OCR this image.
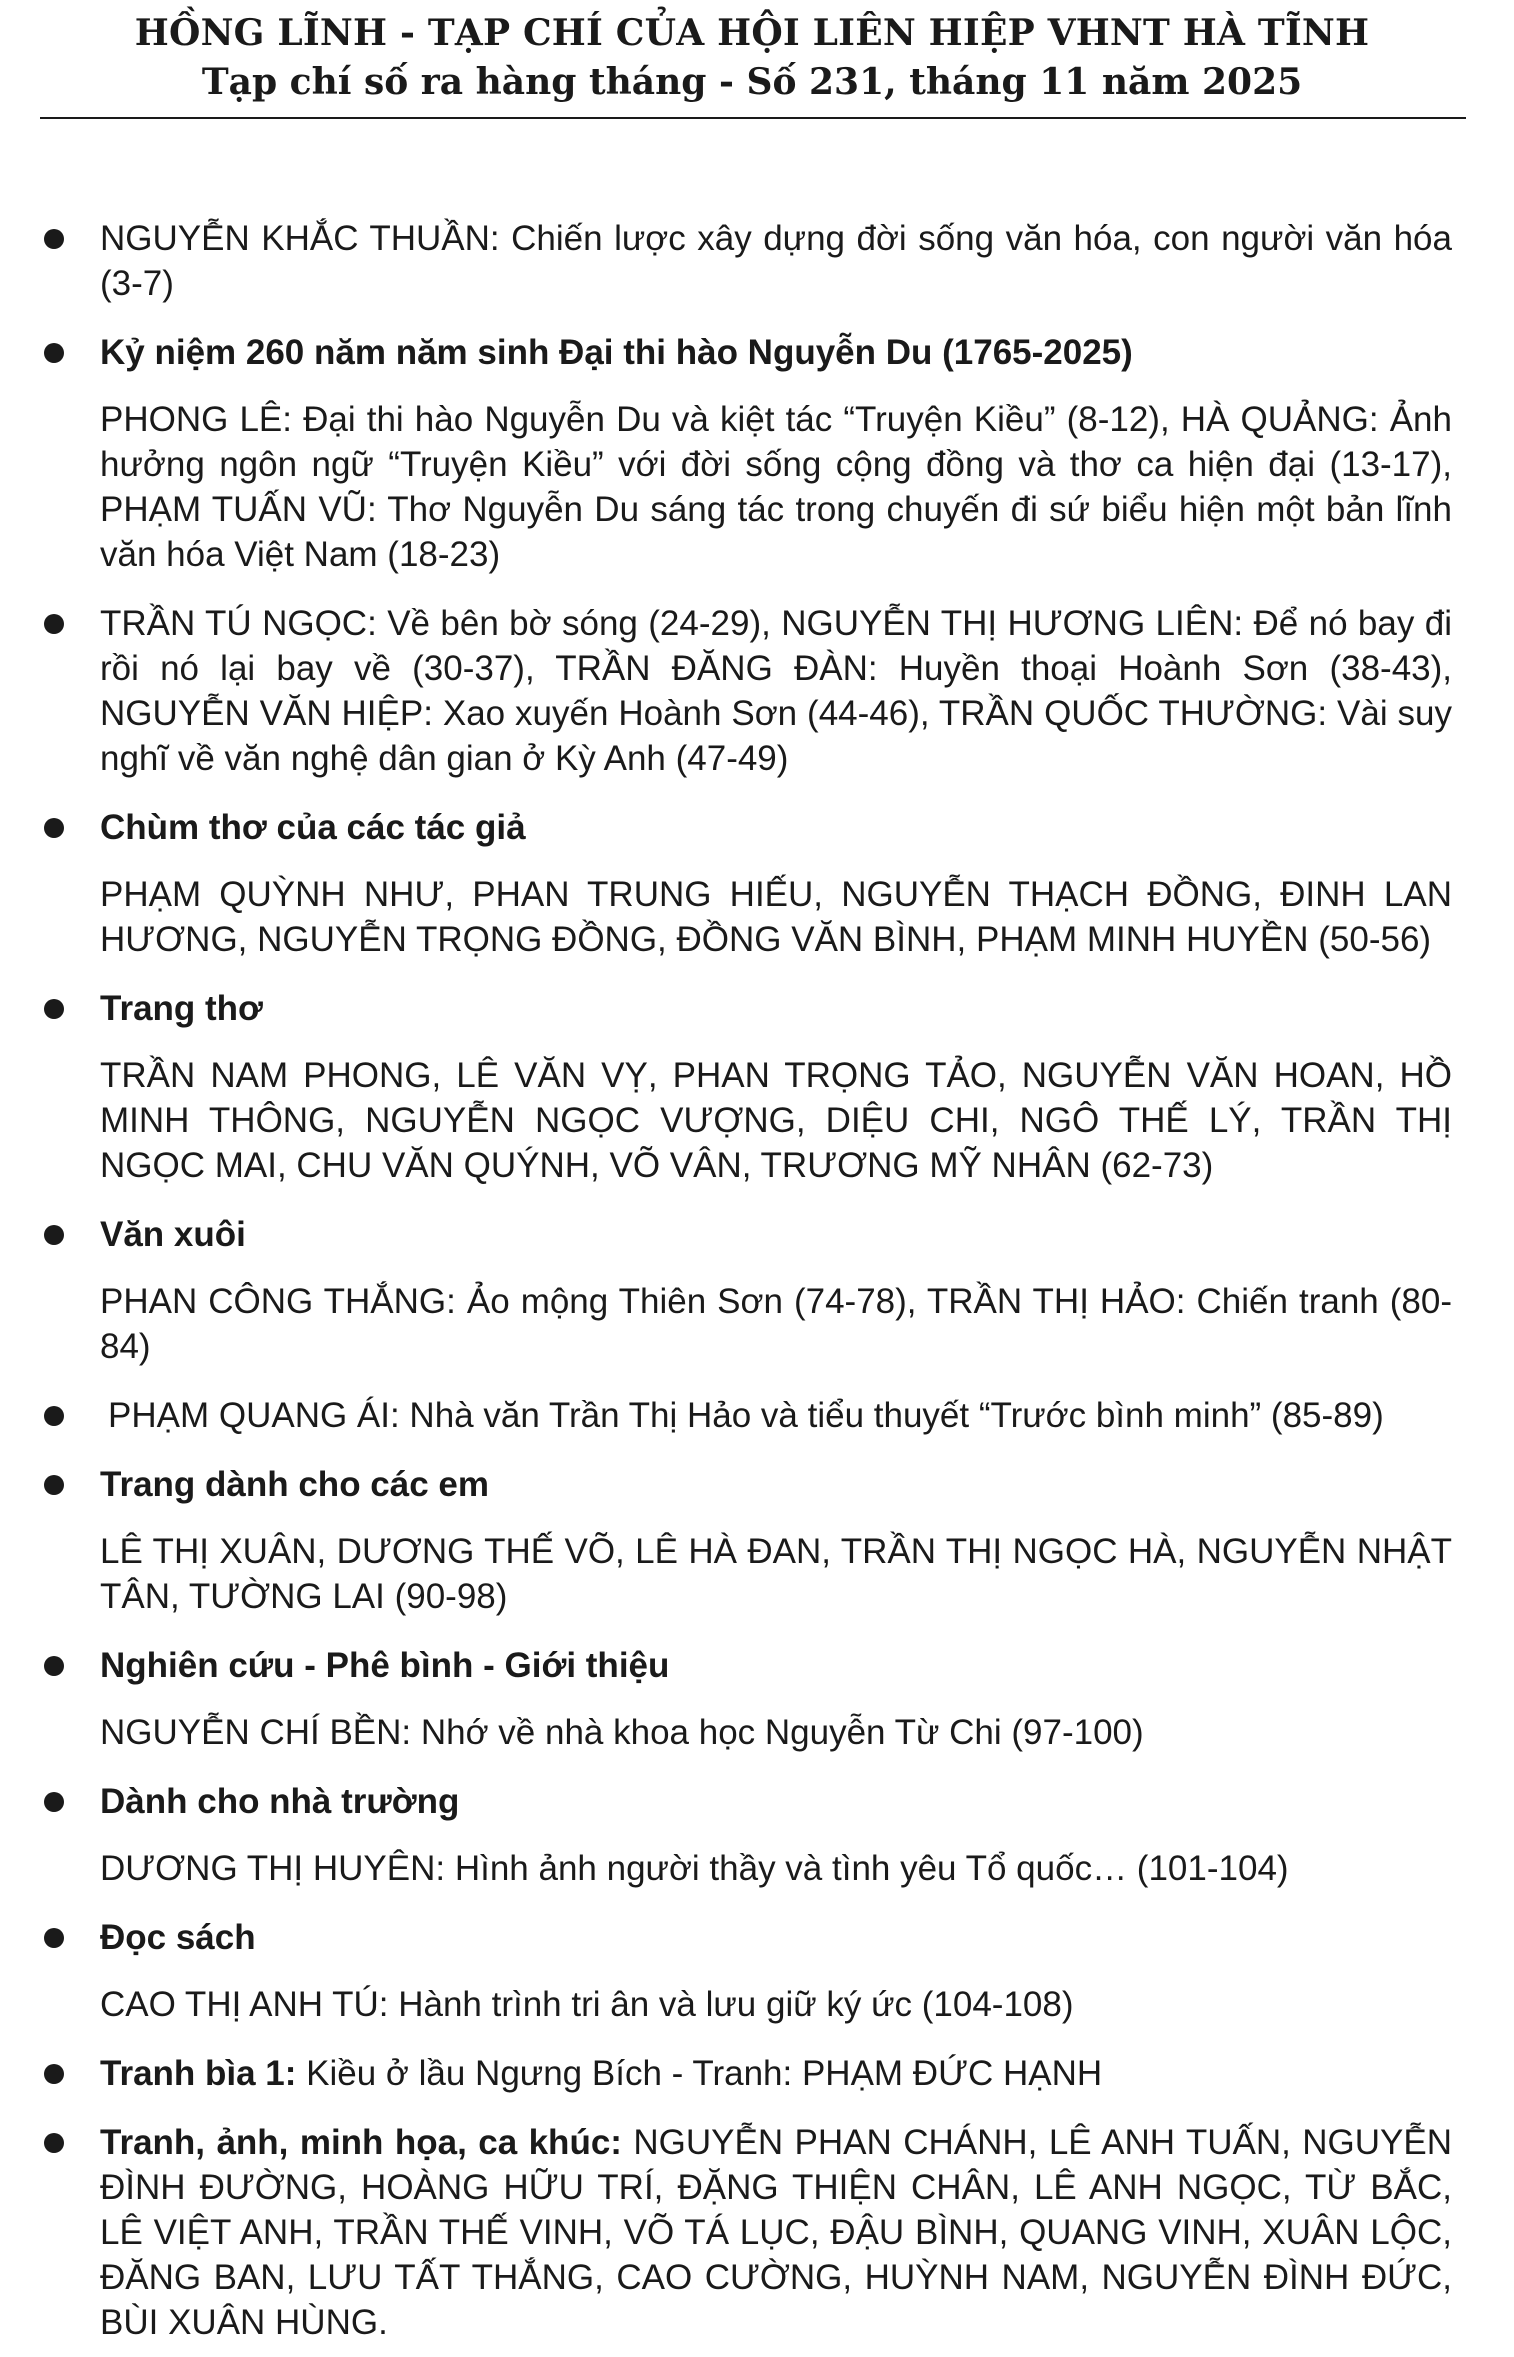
HỒNG LĨNH - TẠP CHÍ CỦA HỘI LIÊN HIỆP VHNT HÀ TĨNH
Tạp chí số ra hàng tháng - Số 231, tháng 11 năm 2025

NGUYỄN KHẮC THUẦN: Chiến lược xây dựng đời sống văn hóa, con người văn hóa (3-7)

Kỷ niệm 260 năm năm sinh Đại thi hào Nguyễn Du (1765-2025)

PHONG LÊ: Đại thi hào Nguyễn Du và kiệt tác “Truyện Kiều” (8-12), HÀ QUẢNG: Ảnh hưởng ngôn ngữ “Truyện Kiều” với đời sống cộng đồng và thơ ca hiện đại (13-17), PHẠM TUẤN VŨ: Thơ Nguyễn Du sáng tác trong chuyến đi sứ biểu hiện một bản lĩnh văn hóa Việt Nam (18-23)

TRẦN TÚ NGỌC: Về bên bờ sóng (24-29), NGUYỄN THỊ HƯƠNG LIÊN: Để nó bay đi rồi nó lại bay về (30-37), TRẦN ĐĂNG ĐÀN: Huyền thoại Hoành Sơn (38-43), NGUYỄN VĂN HIỆP: Xao xuyến Hoành Sơn (44-46), TRẦN QUỐC THƯỜNG: Vài suy nghĩ về văn nghệ dân gian ở Kỳ Anh (47-49)

Chùm thơ của các tác giả

PHẠM QUỲNH NHƯ, PHAN TRUNG HIẾU, NGUYỄN THẠCH ĐỒNG, ĐINH LAN HƯƠNG, NGUYỄN TRỌNG ĐỒNG, ĐỒNG VĂN BÌNH, PHẠM MINH HUYỀN (50-56)

Trang thơ

TRẦN NAM PHONG, LÊ VĂN VỴ, PHAN TRỌNG TẢO, NGUYỄN VĂN HOAN, HỒ MINH THÔNG, NGUYỄN NGỌC VƯỢNG, DIỆU CHI, NGÔ THẾ LÝ, TRẦN THỊ NGỌC MAI, CHU VĂN QUÝNH, VÕ VÂN, TRƯƠNG MỸ NHÂN (62-73)

Văn xuôi

PHAN CÔNG THẮNG: Ảo mộng Thiên Sơn (74-78), TRẦN THỊ HẢO: Chiến tranh (80-84)

PHẠM QUANG ÁI: Nhà văn Trần Thị Hảo và tiểu thuyết “Trước bình minh” (85-89)

Trang dành cho các em

LÊ THỊ XUÂN, DƯƠNG THẾ VÕ, LÊ HÀ ĐAN, TRẦN THỊ NGỌC HÀ, NGUYỄN NHẬT TÂN, TƯỜNG LAI (90-98)

Nghiên cứu - Phê bình - Giới thiệu

NGUYỄN CHÍ BỀN: Nhớ về nhà khoa học Nguyễn Từ Chi (97-100)

Dành cho nhà trường

DƯƠNG THỊ HUYÊN: Hình ảnh người thầy và tình yêu Tổ quốc… (101-104)

Đọc sách

CAO THỊ ANH TÚ: Hành trình tri ân và lưu giữ ký ức (104-108)

Tranh bìa 1: Kiều ở lầu Ngưng Bích - Tranh: PHẠM ĐỨC HẠNH

Tranh, ảnh, minh họa, ca khúc: NGUYỄN PHAN CHÁNH, LÊ ANH TUẤN, NGUYỄN ĐÌNH ĐƯỜNG, HOÀNG HỮU TRÍ, ĐẶNG THIỆN CHÂN, LÊ ANH NGỌC, TỪ BẮC, LÊ VIỆT ANH, TRẦN THẾ VINH, VÕ TÁ LỤC, ĐẬU BÌNH, QUANG VINH, XUÂN LỘC, ĐĂNG BAN, LƯU TẤT THẮNG, CAO CƯỜNG, HUỲNH NAM, NGUYỄN ĐÌNH ĐỨC, BÙI XUÂN HÙNG.
